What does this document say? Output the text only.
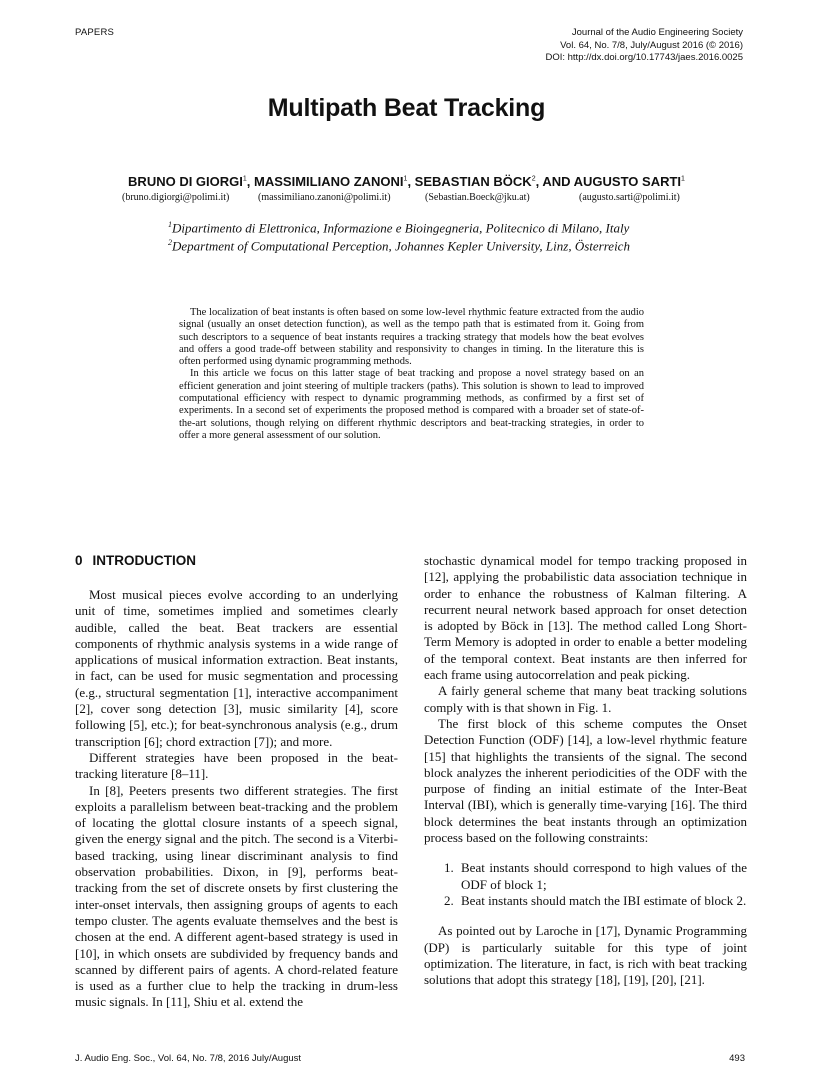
PAPERS	Journal of the Audio Engineering Society
Vol. 64, No. 7/8, July/August 2016 (© 2016)
DOI: http://dx.doi.org/10.17743/jaes.2016.0025
Multipath Beat Tracking
BRUNO DI GIORGI$^1$, MASSIMILIANO ZANONI$^1$, SEBASTIAN BÖCK$^2$, AND AUGUSTO SARTI$^1$
(bruno.digiorgi@polimi.it)	(massimiliano.zanoni@polimi.it)	(Sebastian.Boeck@jku.at)	(augusto.sarti@polimi.it)
$^1$Dipartimento di Elettronica, Informazione e Bioingegneria, Politecnico di Milano, Italy
$^2$Department of Computational Perception, Johannes Kepler University, Linz, Österreich

The localization of beat instants is often based on some low-level rhythmic feature extracted from the audio signal (usually an onset detection function), as well as the tempo path that is estimated from it. Going from such descriptors to a sequence of beat instants requires a tracking strategy that models how the beat evolves and offers a good trade-off between stability and responsivity to changes in timing. In the literature this is often performed using dynamic programming methods.

In this article we focus on this latter stage of beat tracking and propose a novel strategy based on an efficient generation and joint steering of multiple trackers (paths). This solution is shown to lead to improved computational efficiency with respect to dynamic programming methods, as confirmed by a first set of experiments. In a second set of experiments the proposed method is compared with a broader set of state-of-the-art solutions, though relying on different rhythmic descriptors and beat-tracking strategies, in order to offer a more general assessment of our solution.

0 INTRODUCTION

Most musical pieces evolve according to an underlying unit of time, sometimes implied and sometimes clearly audible, called the beat. Beat trackers are essential components of rhythmic analysis systems in a wide range of applications of musical information extraction. Beat instants, in fact, can be used for music segmentation and processing (e.g., structural segmentation [1], interactive accompaniment [2], cover song detection [3], music similarity [4], score following [5], etc.); for beat-synchronous analysis (e.g., drum transcription [6]; chord extraction [7]); and more.

Different strategies have been proposed in the beat-tracking literature [8–11].

In [8], Peeters presents two different strategies. The first exploits a parallelism between beat-tracking and the problem of locating the glottal closure instants of a speech signal, given the energy signal and the pitch. The second is a Viterbi-based tracking, using linear discriminant analysis to find observation probabilities. Dixon, in [9], performs beat-tracking from the set of discrete onsets by first clustering the inter-onset intervals, then assigning groups of agents to each tempo cluster. The agents evaluate themselves and the best is chosen at the end. A different agent-based strategy is used in [10], in which onsets are subdivided by frequency bands and scanned by different pairs of agents. A chord-related feature is used as a further clue to help the tracking in drum-less music signals. In [11], Shiu et al. extend the

stochastic dynamical model for tempo tracking proposed in [12], applying the probabilistic data association technique in order to enhance the robustness of Kalman filtering. A recurrent neural network based approach for onset detection is adopted by Böck in [13]. The method called Long Short-Term Memory is adopted in order to enable a better modeling of the temporal context. Beat instants are then inferred for each frame using autocorrelation and peak picking.

A fairly general scheme that many beat tracking solutions comply with is that shown in Fig. 1.

The first block of this scheme computes the Onset Detection Function (ODF) [14], a low-level rhythmic feature [15] that highlights the transients of the signal. The second block analyzes the inherent periodicities of the ODF with the purpose of finding an initial estimate of the Inter-Beat Interval (IBI), which is generally time-varying [16]. The third block determines the beat instants through an optimization process based on the following constraints:

1. Beat instants should correspond to high values of the ODF of block 1;
2. Beat instants should match the IBI estimate of block 2.

As pointed out by Laroche in [17], Dynamic Programming (DP) is particularly suitable for this type of joint optimization. The literature, in fact, is rich with beat tracking solutions that adopt this strategy [18], [19], [20], [21].

J. Audio Eng. Soc., Vol. 64, No. 7/8, 2016 July/August	493
